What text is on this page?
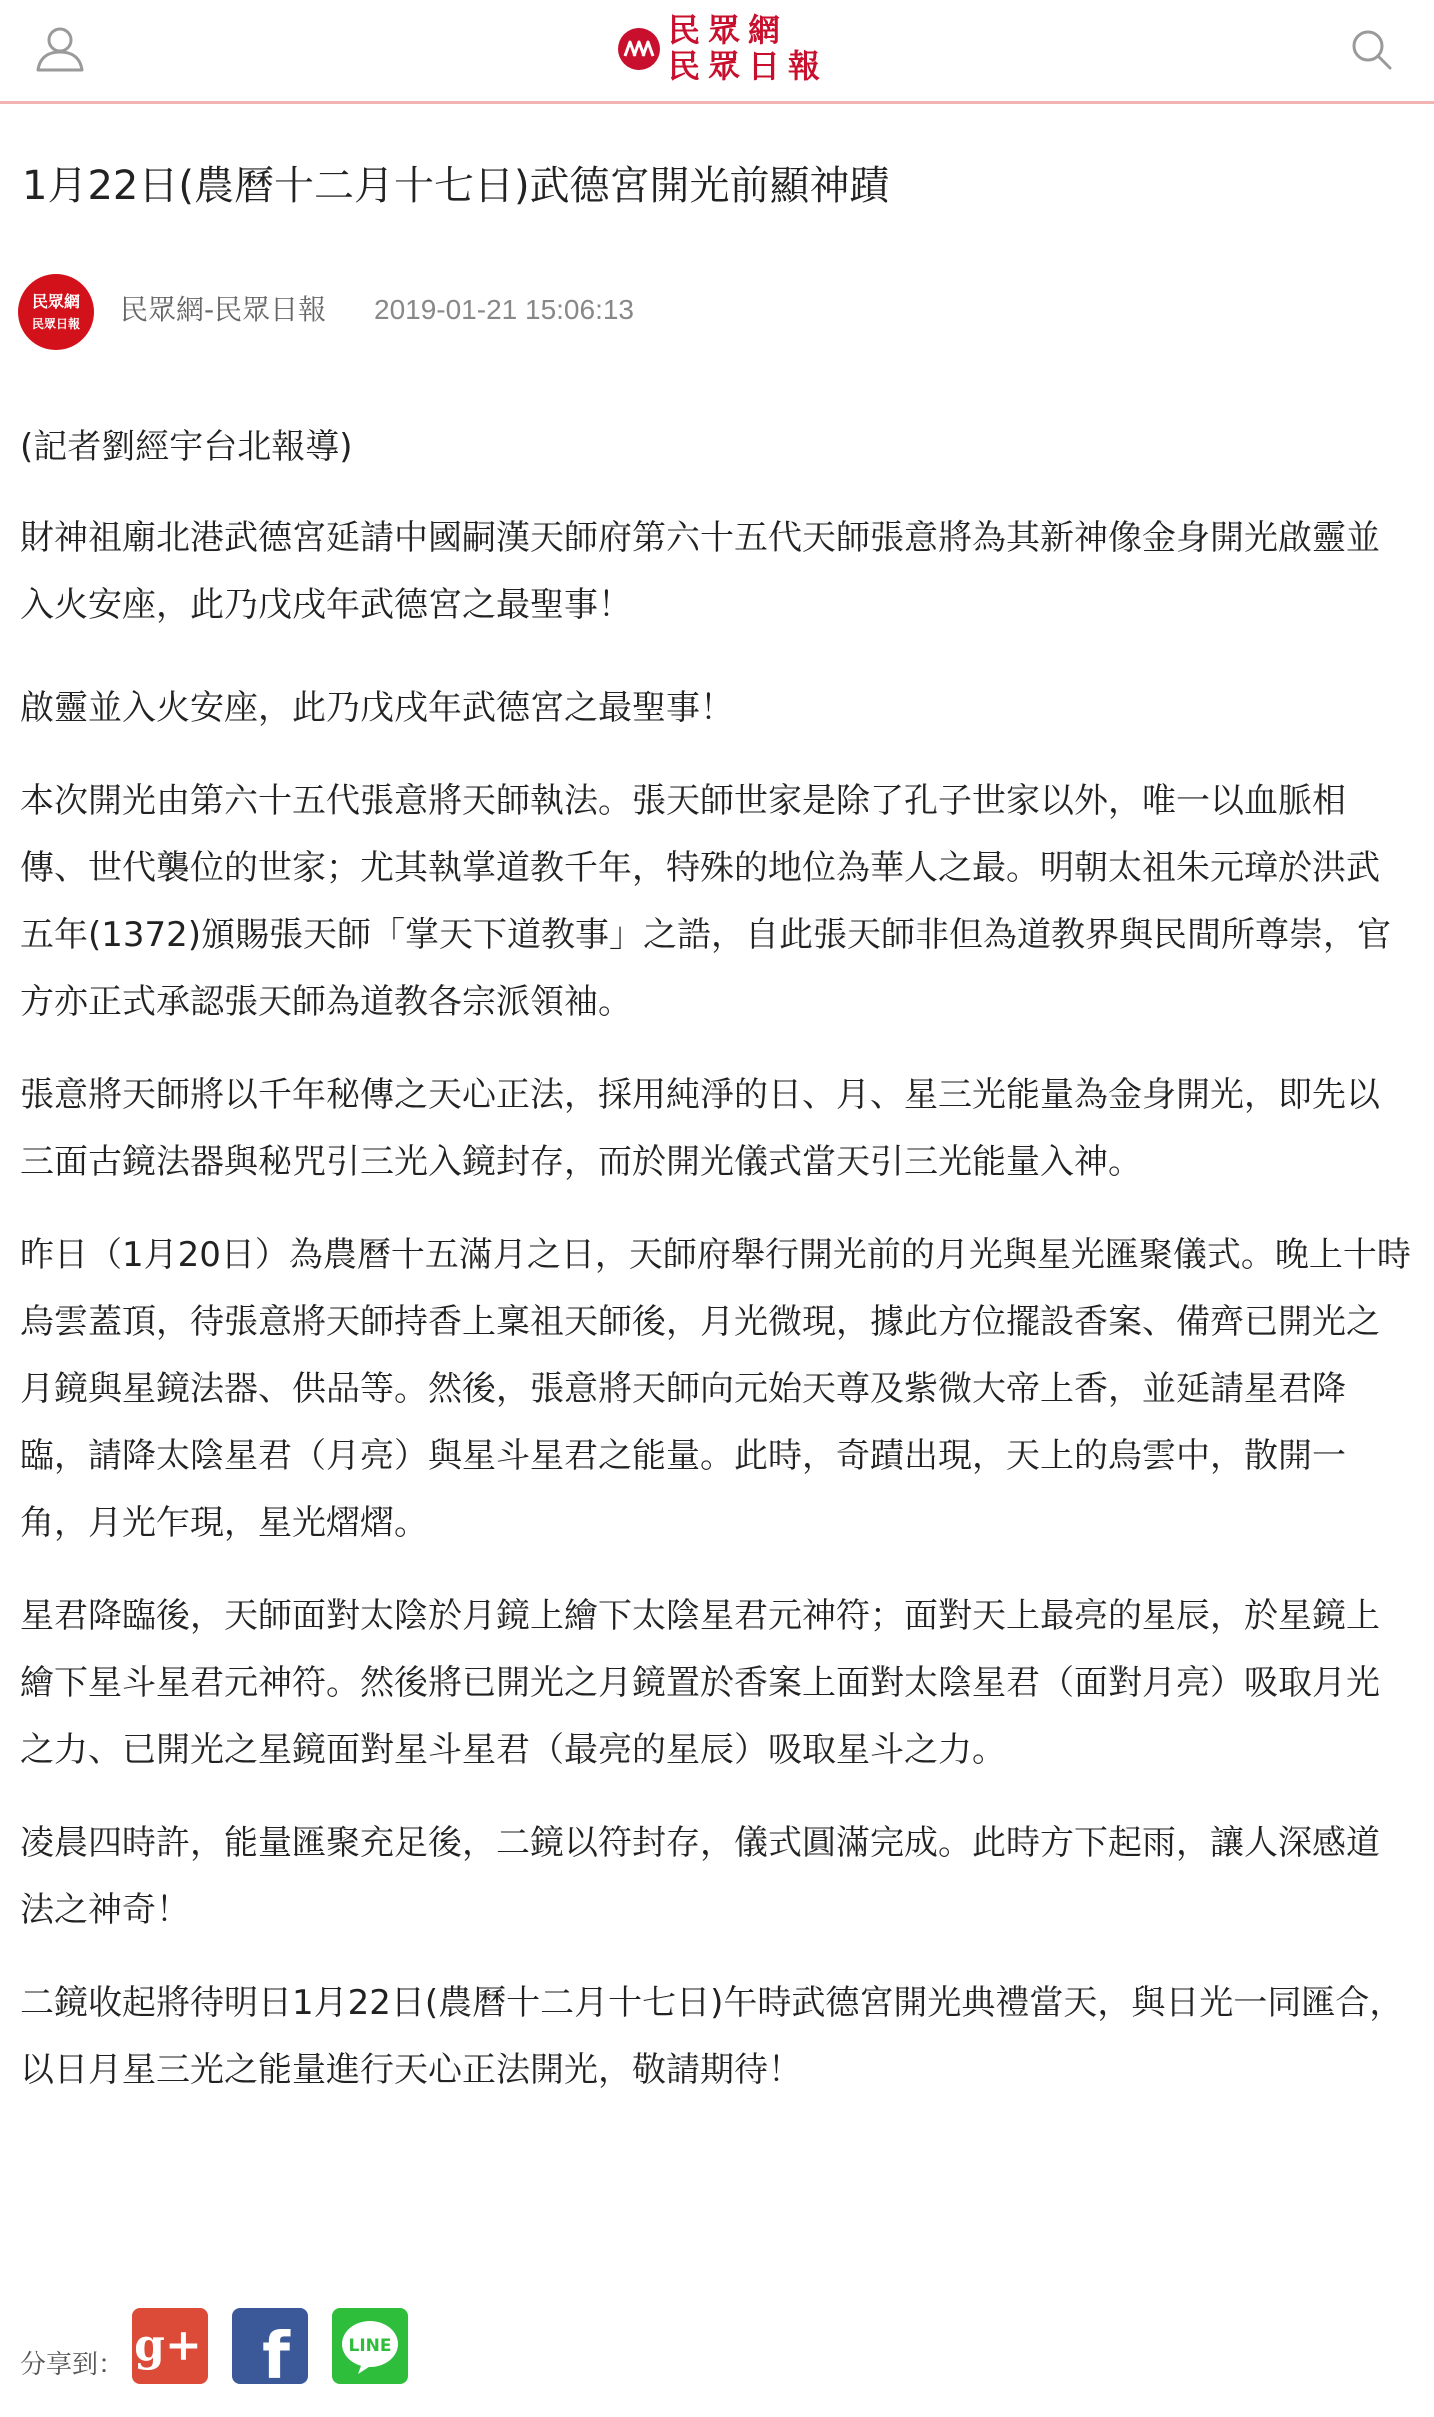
民眾網
民眾日報
1月22日(農曆十二月十七日)武德宮開光前顯神蹟
民眾網
民眾日報	民眾網-民眾日報 2019-01-21 15:06:13

(記者劉經宇台北報導)

財神祖廟北港武德宮延請中國嗣漢天師府第六十五代天師張意將為其新神像金身開光啟靈並入火安座，此乃戊戌年武德宮之最聖事！

啟靈並入火安座，此乃戊戌年武德宮之最聖事！

本次開光由第六十五代張意將天師執法。張天師世家是除了孔子世家以外，唯一以血脈相傳、世代襲位的世家；尤其執掌道教千年，特殊的地位為華人之最。明朝太祖朱元璋於洪武五年(1372)頒賜張天師「掌天下道教事」之誥，自此張天師非但為道教界與民間所尊崇，官方亦正式承認張天師為道教各宗派領袖。

張意將天師將以千年秘傳之天心正法，採用純淨的日、月、星三光能量為金身開光，即先以三面古鏡法器與秘咒引三光入鏡封存，而於開光儀式當天引三光能量入神。

昨日（1月20日）為農曆十五滿月之日，天師府舉行開光前的月光與星光匯聚儀式。晚上十時烏雲蓋頂，待張意將天師持香上稟祖天師後，月光微現，據此方位擺設香案、備齊已開光之月鏡與星鏡法器、供品等。然後，張意將天師向元始天尊及紫微大帝上香，並延請星君降臨，請降太陰星君（月亮）與星斗星君之能量。此時，奇蹟出現，天上的烏雲中，散開一角，月光乍現，星光熠熠。

星君降臨後，天師面對太陰於月鏡上繪下太陰星君元神符；面對天上最亮的星辰，於星鏡上繪下星斗星君元神符。然後將已開光之月鏡置於香案上面對太陰星君（面對月亮）吸取月光之力、已開光之星鏡面對星斗星君（最亮的星辰）吸取星斗之力。

凌晨四時許，能量匯聚充足後，二鏡以符封存，儀式圓滿完成。此時方下起雨，讓人深感道法之神奇！

二鏡收起將待明日1月22日(農曆十二月十七日)午時武德宮開光典禮當天，與日光一同匯合，以日月星三光之能量進行天心正法開光，敬請期待！

分享到： g+ f	LINE
